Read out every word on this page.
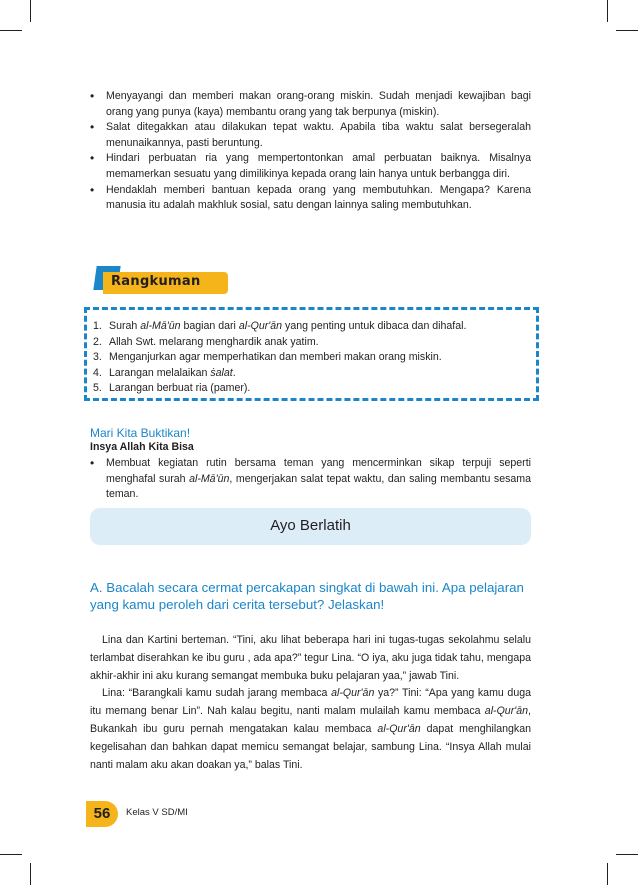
• Menyayangi dan memberi makan orang-orang miskin. Sudah menjadi kewajiban bagi orang yang punya (kaya) membantu orang yang tak berpunya (miskin).
• Salat ditegakkan atau dilakukan tepat waktu. Apabila tiba waktu salat bersegeralah menunaikannya, pasti beruntung.
• Hindari perbuatan ria yang mempertontonkan amal perbuatan baiknya. Misalnya memamerkan sesuatu yang dimilikinya kepada orang lain hanya untuk berbangga diri.
• Hendaklah memberi bantuan kepada orang yang membutuhkan. Mengapa? Karena manusia itu adalah makhluk sosial, satu dengan lainnya saling membutuhkan.
Rangkuman
1. Surah al-Mā'ūn bagian dari al-Qur'ān yang penting untuk dibaca dan dihafal.
2. Allah Swt. melarang menghardik anak yatim.
3. Menganjurkan agar memperhatikan dan memberi makan orang miskin.
4. Larangan melalaikan ṡalat.
5. Larangan berbuat ria (pamer).
Mari Kita Buktikan!
Insya Allah Kita Bisa
• Membuat kegiatan rutin bersama teman yang mencerminkan sikap terpuji seperti menghafal surah al-Mā'ūn, mengerjakan salat tepat waktu, dan saling membantu sesama teman.
Ayo Berlatih
A. Bacalah secara cermat percakapan singkat di bawah ini. Apa pelajaran yang kamu peroleh dari cerita tersebut? Jelaskan!

Lina dan Kartini berteman. “Tini, aku lihat beberapa hari ini tugas-tugas sekolahmu selalu terlambat diserahkan ke ibu guru , ada apa?” tegur Lina. “O iya, aku juga tidak tahu, mengapa akhir-akhir ini aku kurang semangat membuka buku pelajaran yaa,” jawab Tini.

Lina: “Barangkali kamu sudah jarang membaca al-Qur'ān ya?” Tini: “Apa yang kamu duga itu memang benar Lin”. Nah kalau begitu, nanti malam mulailah kamu membaca al-Qur'ān, Bukankah ibu guru pernah mengatakan kalau membaca al-Qur'ān dapat menghilangkan kegelisahan dan bahkan dapat memicu semangat belajar, sambung Lina. “Insya Allah mulai nanti malam aku akan doakan ya,” balas Tini.

56	Kelas V SD/MI
